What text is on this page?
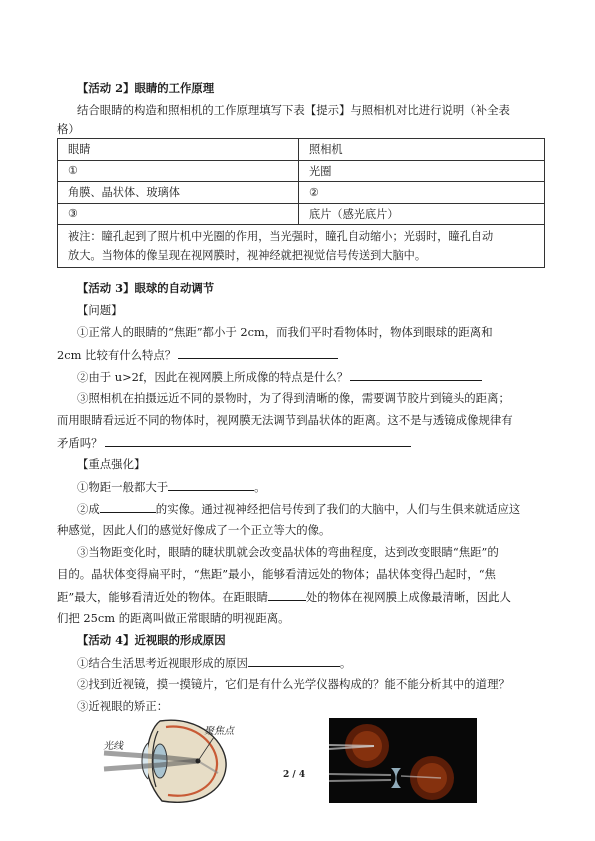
【活动 2】眼睛的工作原理
结合眼睛的构造和照相机的工作原理填写下表【提示】与照相机对比进行说明（补全表
格）
眼睛	照相机
①	光圈
角膜、晶状体、玻璃体	②
③	底片（感光底片）

被注：瞳孔起到了照片机中光圈的作用，当光强时，瞳孔自动缩小；光弱时，瞳孔自动
放大。当物体的像呈现在视网膜时，视神经就把视觉信号传送到大脑中。	
【活动 3】眼球的自动调节
【问题】
①正常人的眼睛的“焦距”都小于 2cm，而我们平时看物体时，物体到眼球的距离和
2cm 比较有什么特点？
②由于 u>2f，因此在视网膜上所成像的特点是什么？
③照相机在拍摄远近不同的景物时，为了得到清晰的像，需要调节胶片到镜头的距离；
而用眼睛看远近不同的物体时，视网膜无法调节到晶状体的距离。这不是与透镜成像规律有
矛盾吗？
【重点强化】
①物距一般都大于	。
②成	的实像。通过视神经把信号传到了我们的大脑中，人们与生俱来就适应这
种感觉，因此人们的感觉好像成了一个正立等大的像。
③当物距变化时，眼睛的睫状肌就会改变晶状体的弯曲程度，达到改变眼睛“焦距”的
目的。晶状体变得扁平时，“焦距”最小，能够看清远处的物体；晶状体变得凸起时，“焦
距”最大，能够看清近处的物体。在距眼睛	处的物体在视网膜上成像最清晰，因此人
们把 25cm 的距离叫做正常眼睛的明视距离。
【活动 4】近视眼的形成原因
①结合生活思考近视眼形成的原因	。
②找到近视镜，摸一摸镜片，它们是有什么光学仪器构成的？能不能分析其中的道理？
③近视眼的矫正：
光线
聚焦点
2 / 4
